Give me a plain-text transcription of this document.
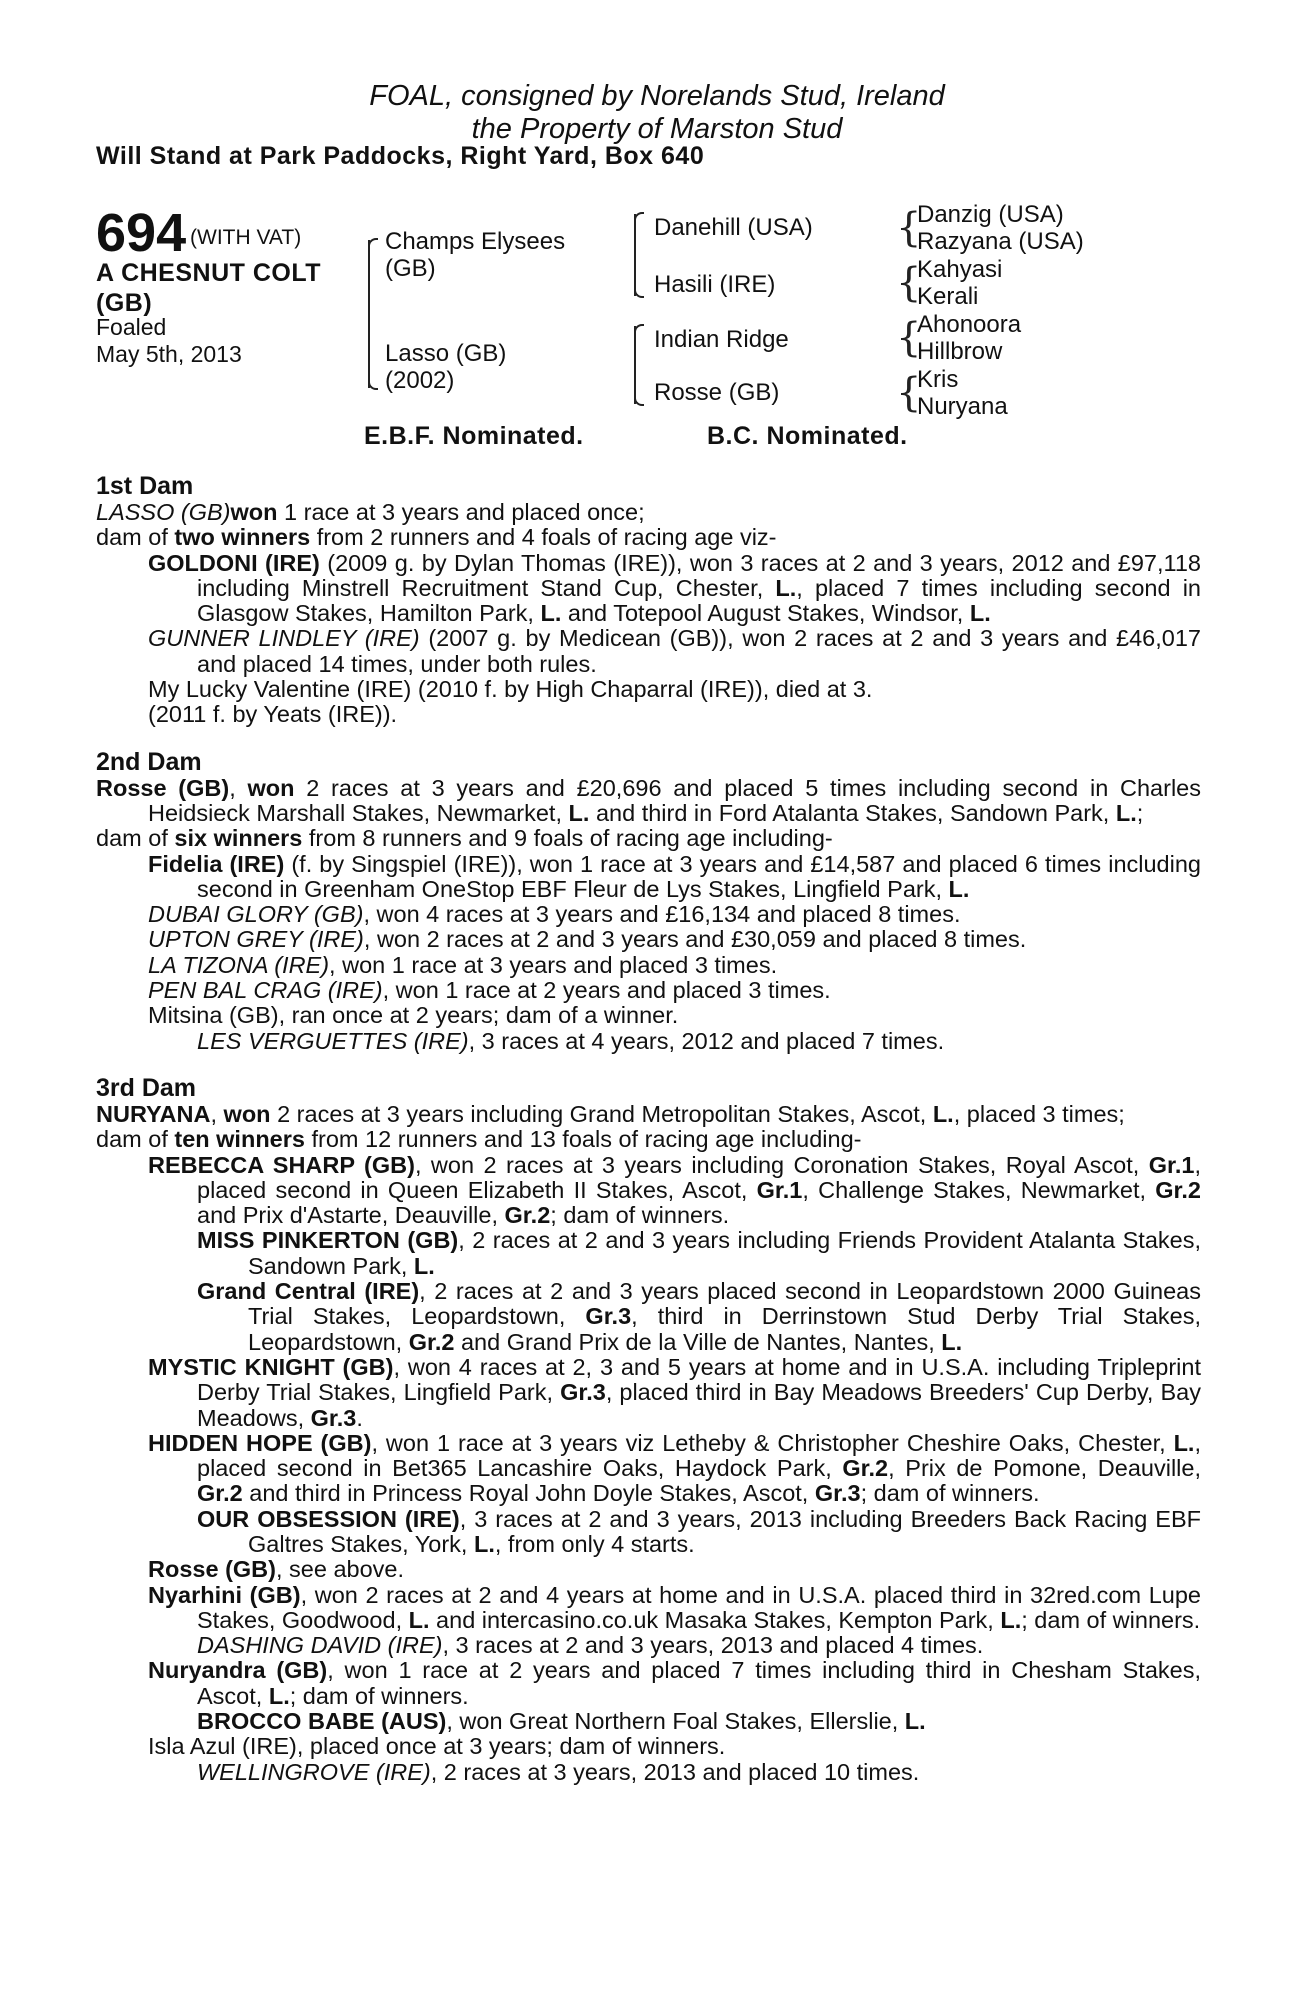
FOAL, consigned by Norelands Stud, Ireland
the Property of Marston Stud
Will Stand at Park Paddocks, Right Yard, Box 640
694 (WITH VAT)
A CHESNUT COLT
(GB)
Foaled
May 5th, 2013
Champs Elysees
(GB)
Lasso (GB)
(2002)
Danehill (USA)
Hasili (IRE)
Indian Ridge
Rosse (GB)
{
Danzig (USA)
Razyana (USA)
{
Kahyasi
Kerali
{
Ahonoora
Hillbrow
{
Kris
Nuryana
E.B.F. Nominated.	B.C. Nominated.
1st Dam
LASSO (GB)won 1 race at 3 years and placed once;
dam of two winners from 2 runners and 4 foals of racing age viz-
GOLDONI (IRE) (2009 g. by Dylan Thomas (IRE)), won 3 races at 2 and 3 years, 2012 and £97,118 including Minstrell Recruitment Stand Cup, Chester, L., placed 7 times including second in Glasgow Stakes, Hamilton Park, L. and Totepool August Stakes, Windsor, L.
GUNNER LINDLEY (IRE) (2007 g. by Medicean (GB)), won 2 races at 2 and 3 years and £46,017 and placed 14 times, under both rules.
My Lucky Valentine (IRE) (2010 f. by High Chaparral (IRE)), died at 3.
(2011 f. by Yeats (IRE)).
2nd Dam
Rosse (GB), won 2 races at 3 years and £20,696 and placed 5 times including second in Charles Heidsieck Marshall Stakes, Newmarket, L. and third in Ford Atalanta Stakes, Sandown Park, L.;
dam of six winners from 8 runners and 9 foals of racing age including-
Fidelia (IRE) (f. by Singspiel (IRE)), won 1 race at 3 years and £14,587 and placed 6 times including second in Greenham OneStop EBF Fleur de Lys Stakes, Lingfield Park, L.
DUBAI GLORY (GB), won 4 races at 3 years and £16,134 and placed 8 times.
UPTON GREY (IRE), won 2 races at 2 and 3 years and £30,059 and placed 8 times.
LA TIZONA (IRE), won 1 race at 3 years and placed 3 times.
PEN BAL CRAG (IRE), won 1 race at 2 years and placed 3 times.
Mitsina (GB), ran once at 2 years; dam of a winner.
LES VERGUETTES (IRE), 3 races at 4 years, 2012 and placed 7 times.
3rd Dam
NURYANA, won 2 races at 3 years including Grand Metropolitan Stakes, Ascot, L., placed 3 times;
dam of ten winners from 12 runners and 13 foals of racing age including-
REBECCA SHARP (GB), won 2 races at 3 years including Coronation Stakes, Royal Ascot, Gr.1, placed second in Queen Elizabeth II Stakes, Ascot, Gr.1, Challenge Stakes, Newmarket, Gr.2 and Prix d'Astarte, Deauville, Gr.2; dam of winners.
MISS PINKERTON (GB), 2 races at 2 and 3 years including Friends Provident Atalanta Stakes, Sandown Park, L.
Grand Central (IRE), 2 races at 2 and 3 years placed second in Leopardstown 2000 Guineas Trial Stakes, Leopardstown, Gr.3, third in Derrinstown Stud Derby Trial Stakes, Leopardstown, Gr.2 and Grand Prix de la Ville de Nantes, Nantes, L.
MYSTIC KNIGHT (GB), won 4 races at 2, 3 and 5 years at home and in U.S.A. including Tripleprint Derby Trial Stakes, Lingfield Park, Gr.3, placed third in Bay Meadows Breeders' Cup Derby, Bay Meadows, Gr.3.
HIDDEN HOPE (GB), won 1 race at 3 years viz Letheby & Christopher Cheshire Oaks, Chester, L., placed second in Bet365 Lancashire Oaks, Haydock Park, Gr.2, Prix de Pomone, Deauville, Gr.2 and third in Princess Royal John Doyle Stakes, Ascot, Gr.3; dam of winners.
OUR OBSESSION (IRE), 3 races at 2 and 3 years, 2013 including Breeders Back Racing EBF Galtres Stakes, York, L., from only 4 starts.
Rosse (GB), see above.
Nyarhini (GB), won 2 races at 2 and 4 years at home and in U.S.A. placed third in 32red.com Lupe Stakes, Goodwood, L. and intercasino.co.uk Masaka Stakes, Kempton Park, L.; dam of winners.
DASHING DAVID (IRE), 3 races at 2 and 3 years, 2013 and placed 4 times.
Nuryandra (GB), won 1 race at 2 years and placed 7 times including third in Chesham Stakes, Ascot, L.; dam of winners.
BROCCO BABE (AUS), won Great Northern Foal Stakes, Ellerslie, L.
Isla Azul (IRE), placed once at 3 years; dam of winners.
WELLINGROVE (IRE), 2 races at 3 years, 2013 and placed 10 times.
